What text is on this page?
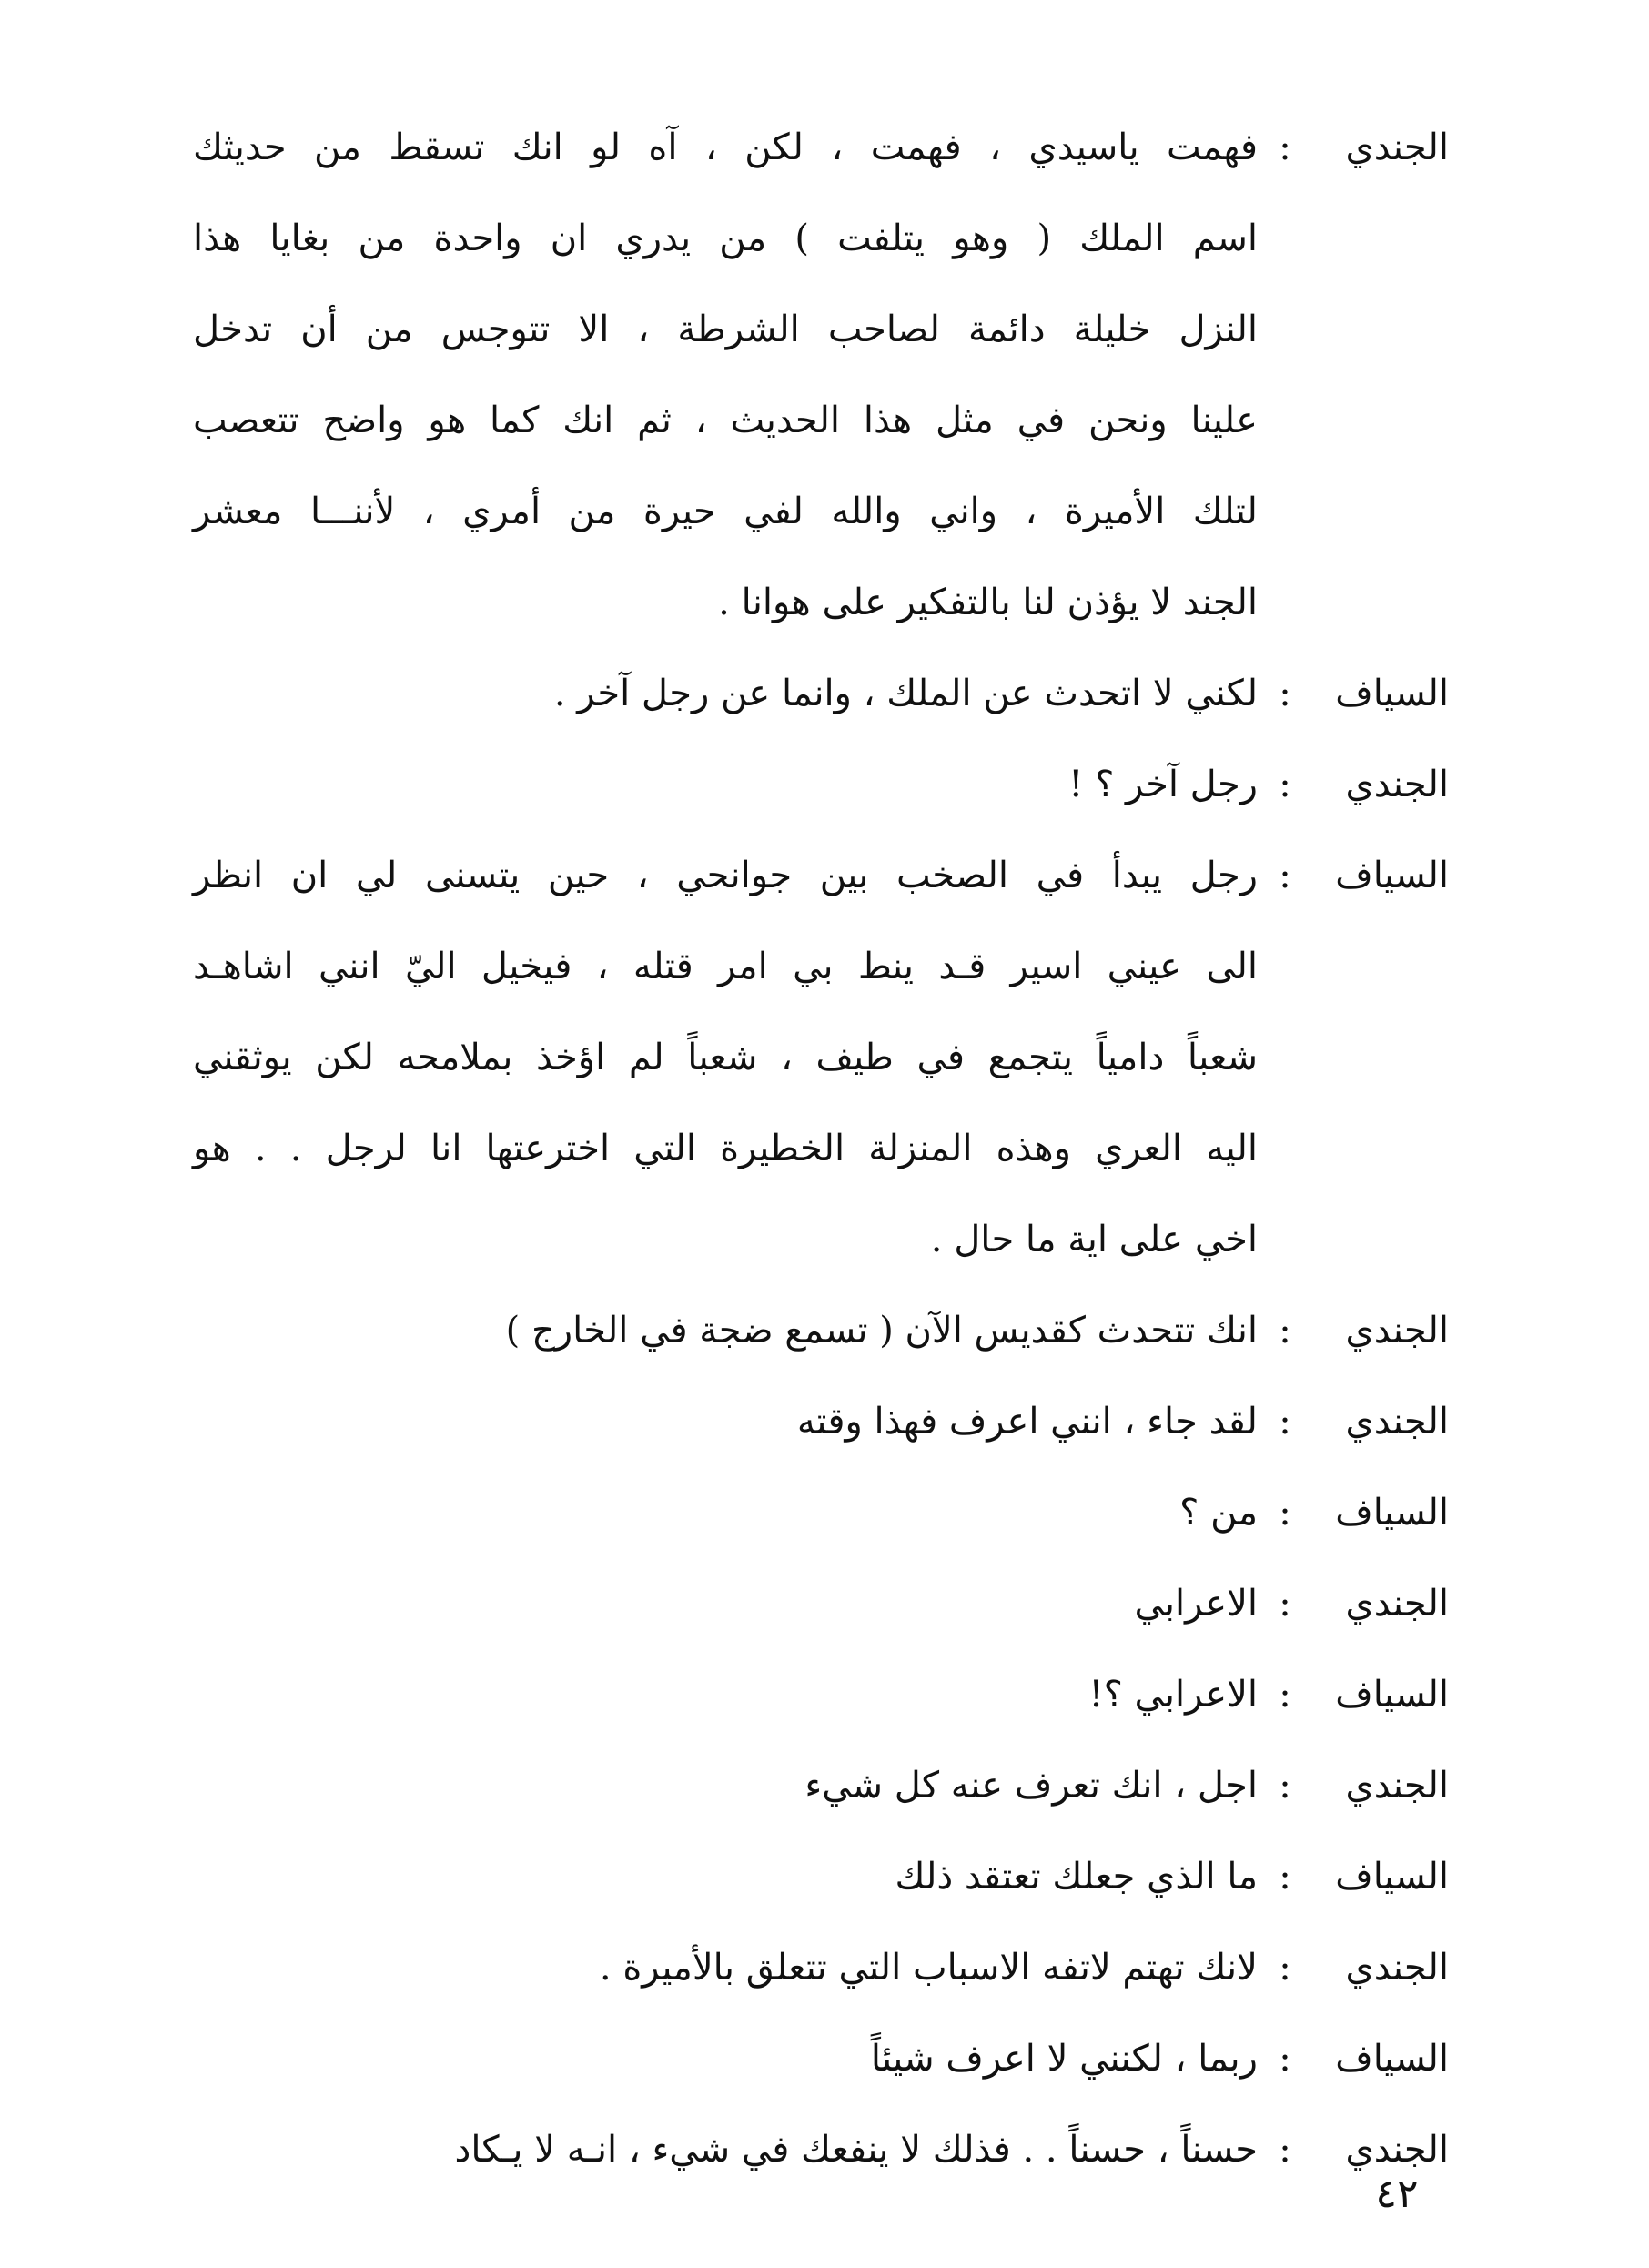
الجندي
:
فهمت ياسيدي ، فهمت ، لكن ، آه لو انك تسقط من حديثك
اسم الملك ( وهو يتلفت ) من يدري ان واحدة من بغايا هذا
النزل خليلة دائمة لصاحب الشرطة ، الا تتوجس من أن تدخل
علينا ونحن في مثل هذا الحديث ، ثم انك كما هو واضح تتعصب
لتلك الأميرة ، واني والله لفي حيرة من أمري ، لأننـــا معشر
الجند لا يؤذن لنا بالتفكير على هوانا .
السياف
:
لكني لا اتحدث عن الملك ، وانما عن رجل آخر .
الجندي
:
رجل آخر ؟ !
السياف
:
رجل يبدأ في الصخب بين جوانحي ، حين يتسنى لي ان انظر
الى عيني اسير قـد ينط بي امر قتله ، فيخيل اليّ انني اشاهـد
شعباً دامياً يتجمع في طيف ، شعباً لم اؤخذ بملامحه لكن يوثقني
اليه العري وهذه المنزلة الخطيرة التي اخترعتها انا لرجل . . هو
اخي على اية ما حال .
الجندي
:
انك تتحدث كقديس الآن ( تسمع ضجة في الخارج )
الجندي
:
لقد جاء ، انني اعرف فهذا وقته
السياف
:
من ؟
الجندي
:
الاعرابي
السياف
:
الاعرابي ؟!
الجندي
:
اجل ، انك تعرف عنه كل شيء
السياف
:
ما الذي جعلك تعتقد ذلك
الجندي
:
لانك تهتم لاتفه الاسباب التي تتعلق بالأميرة .
السياف
:
ربما ، لكنني لا اعرف شيئاً
الجندي
:
حسناً ، حسناً . . فذلك لا ينفعك في شيء ، انـه لا يـكاد
٤٢
